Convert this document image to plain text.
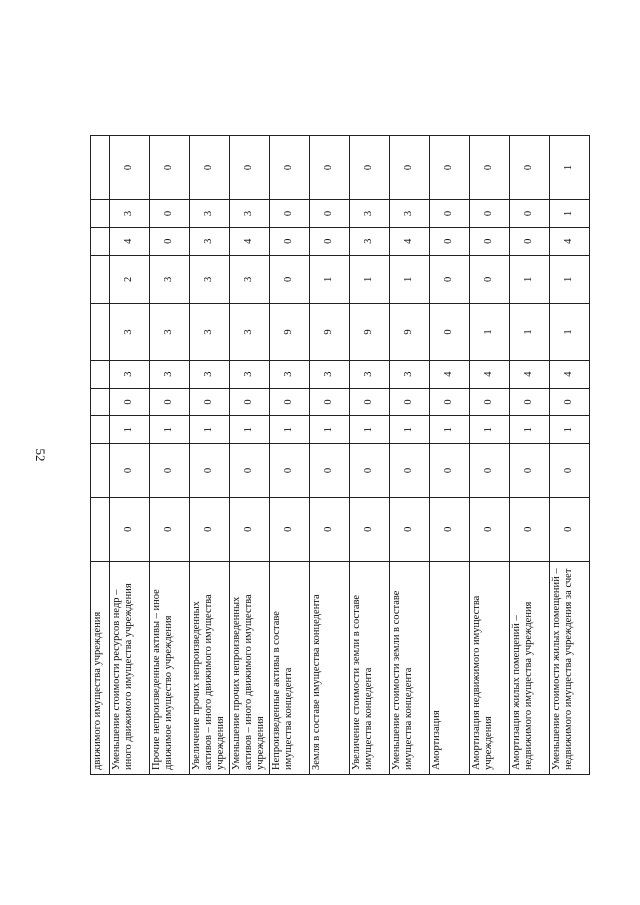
52
движимого имущества учреждения										
Уменьшение стоимости ресурсов недр – иного движимого имущества учреждения	0	0	1	0	3	3	2	4	3	0
Прочие непроизведенные активы – иное движимое имущество учреждения	0	0	1	0	3	3	3	0	0	0
Увеличение прочих непроизведенных активов – иного движимого имущества учреждения	0	0	1	0	3	3	3	3	3	0
Уменьшение прочих непроизведенных активов – иного движимого имущества учреждения	0	0	1	0	3	3	3	4	3	0
Непроизведенные активы в составе имущества концедента	0	0	1	0	3	9	0	0	0	0
Земля в составе имущества концедента	0	0	1	0	3	9	1	0	0	0
Увеличение стоимости земли в составе имущества концедента	0	0	1	0	3	9	1	3	3	0
Уменьшение стоимости земли в составе имущества концедента	0	0	1	0	3	9	1	4	3	0
Амортизация	0	0	1	0	4	0	0	0	0	0
Амортизация недвижимого имущества учреждения	0	0	1	0	4	1	0	0	0	0
Амортизация жилых помещений – недвижимого имущества учреждения	0	0	1	0	4	1	1	0	0	0
Уменьшение стоимости жилых помещений – недвижимого имущества учреждения за счет	0	0	1	0	4	1	1	4	1	1
